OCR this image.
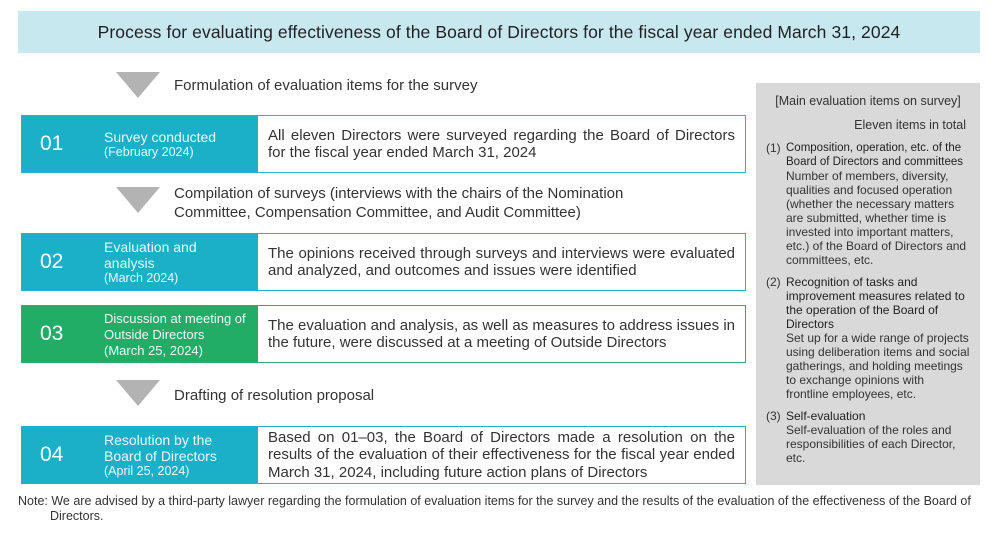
Process for evaluating effectiveness of the Board of Directors for the fiscal year ended March 31, 2024
Formulation of evaluation items for the survey
01	Survey conducted
(February 2024)
All eleven Directors were surveyed regarding the Board of Directors for the fiscal year ended March 31, 2024
Compilation of surveys (interviews with the chairs of the Nomination Committee, Compensation Committee, and Audit Committee)
02
Evaluation and analysis
(March 2024)
The opinions received through surveys and interviews were evaluated and analyzed, and outcomes and issues were identified
03
Discussion at meeting of Outside Directors
(March 25, 2024)
The evaluation and analysis, as well as measures to address issues in the future, were discussed at a meeting of Outside Directors
Drafting of resolution proposal
04
Resolution by the Board of Directors
(April 25, 2024)
Based on 01–03, the Board of Directors made a resolution on the results of the evaluation of their effectiveness for the fiscal year ended March 31, 2024, including future action plans of Directors
[Main evaluation items on survey]
Eleven items in total
(1) Composition, operation, etc. of the Board of Directors and committees
Number of members, diversity, qualities and focused operation (whether the necessary matters are submitted, whether time is invested into important matters, etc.) of the Board of Directors and committees, etc.
(2) Recognition of tasks and improvement measures related to the operation of the Board of Directors
Set up for a wide range of projects using deliberation items and social gatherings, and holding meetings to exchange opinions with frontline employees, etc.
(3) Self-evaluation
Self-evaluation of the roles and responsibilities of each Director, etc.
Note: We are advised by a third-party lawyer regarding the formulation of evaluation items for the survey and the results of the evaluation of the effectiveness of the Board of Directors.
